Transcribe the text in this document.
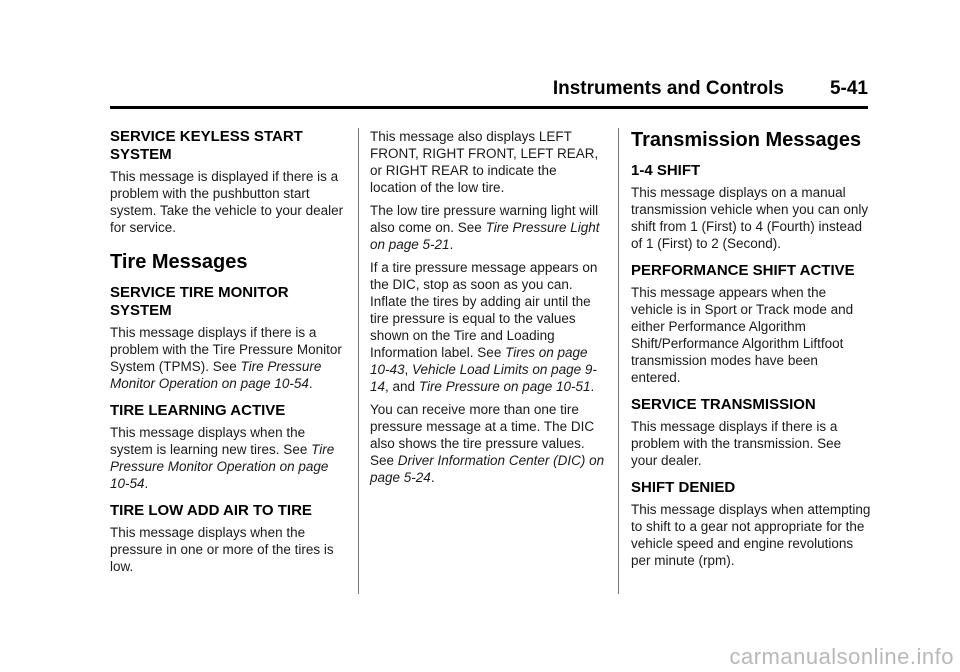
Instruments and Controls 5-41
SERVICE KEYLESS START SYSTEM

This message is displayed if there is a problem with the pushbutton start system. Take the vehicle to your dealer for service.

Tire Messages
SERVICE TIRE MONITOR SYSTEM

This message displays if there is a problem with the Tire Pressure Monitor System (TPMS). See Tire Pressure Monitor Operation on page 10-54.

TIRE LEARNING ACTIVE

This message displays when the system is learning new tires. See Tire Pressure Monitor Operation on page 10-54.

TIRE LOW ADD AIR TO TIRE

This message displays when the pressure in one or more of the tires is low.

This message also displays LEFT FRONT, RIGHT FRONT, LEFT REAR, or RIGHT REAR to indicate the location of the low tire.

The low tire pressure warning light will also come on. See Tire Pressure Light on page 5-21.

If a tire pressure message appears on the DIC, stop as soon as you can. Inflate the tires by adding air until the tire pressure is equal to the values shown on the Tire and Loading Information label. See Tires on page 10-43, Vehicle Load Limits on page 9-14, and Tire Pressure on page 10-51.

You can receive more than one tire pressure message at a time. The DIC also shows the tire pressure values. See Driver Information Center (DIC) on page 5-24.

Transmission Messages
1-4 SHIFT

This message displays on a manual transmission vehicle when you can only shift from 1 (First) to 4 (Fourth) instead of 1 (First) to 2 (Second).

PERFORMANCE SHIFT ACTIVE

This message appears when the vehicle is in Sport or Track mode and either Performance Algorithm Shift/Performance Algorithm Liftfoot transmission modes have been entered.

SERVICE TRANSMISSION

This message displays if there is a problem with the transmission. See your dealer.

SHIFT DENIED

This message displays when attempting to shift to a gear not appropriate for the vehicle speed and engine revolutions per minute (rpm).

carmanualsonline.info
